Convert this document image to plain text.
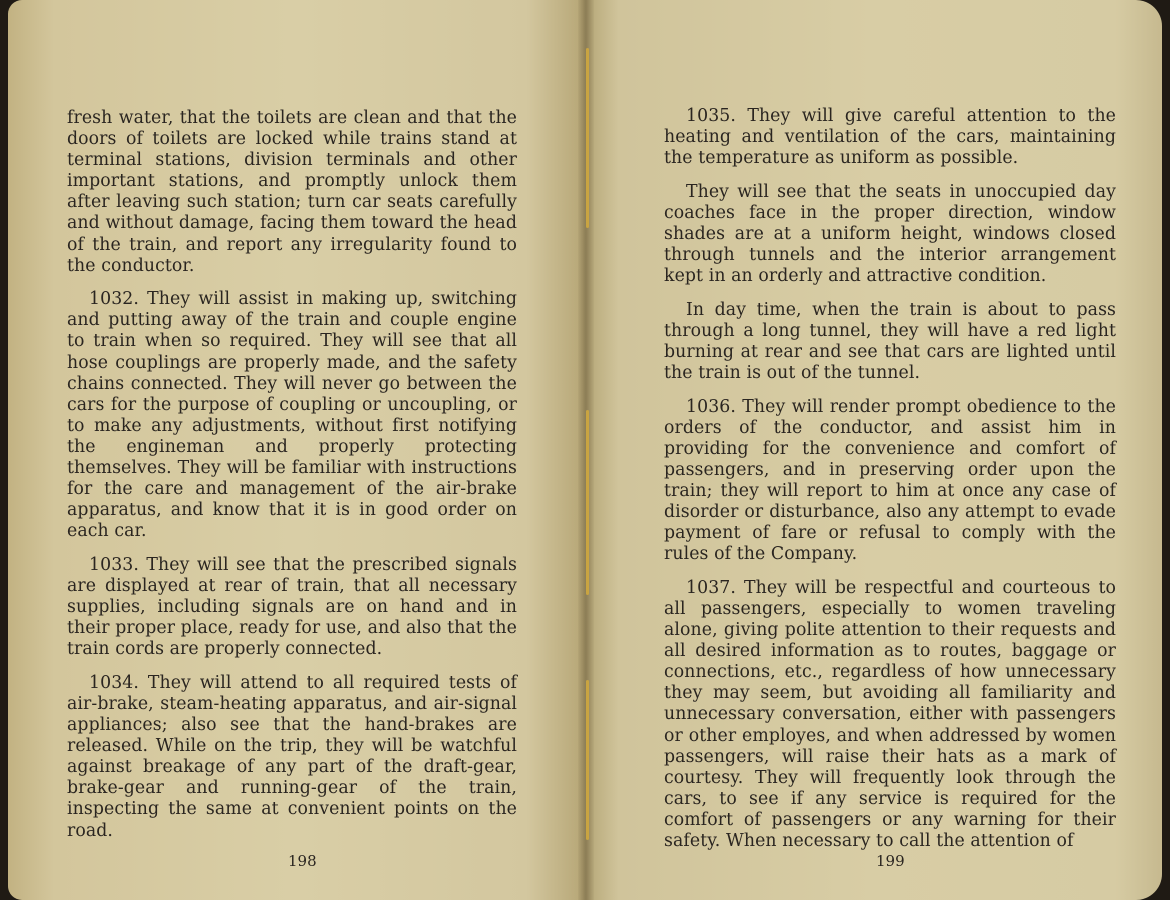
fresh water, that the toilets are clean and that the doors of toilets are locked while trains stand at terminal stations, division terminals and other important stations, and promptly unlock them after leaving such station; turn car seats carefully and without damage, facing them toward the head of the train, and report any irregularity found to the conductor.

1032. They will assist in making up, switching and putting away of the train and couple engine to train when so required. They will see that all hose couplings are properly made, and the safety chains connected. They will never go between the cars for the purpose of coupling or uncoupling, or to make any adjustments, without first notifying the engineman and properly protecting themselves. They will be familiar with instructions for the care and management of the air-brake apparatus, and know that it is in good order on each car.

1033. They will see that the prescribed signals are displayed at rear of train, that all necessary supplies, including signals are on hand and in their proper place, ready for use, and also that the train cords are properly connected.

1034. They will attend to all required tests of air-brake, steam-heating apparatus, and air-signal appliances; also see that the hand-brakes are released. While on the trip, they will be watchful against breakage of any part of the draft-gear, brake-gear and running-gear of the train, inspecting the same at convenient points on the road.

198

1035. They will give careful attention to the heating and ventilation of the cars, maintaining the temperature as uniform as possible.

They will see that the seats in unoccupied day coaches face in the proper direction, window shades are at a uniform height, windows closed through tunnels and the interior arrangement kept in an orderly and attractive condition.

In day time, when the train is about to pass through a long tunnel, they will have a red light burning at rear and see that cars are lighted until the train is out of the tunnel.

1036. They will render prompt obedience to the orders of the conductor, and assist him in providing for the convenience and comfort of passengers, and in preserving order upon the train; they will report to him at once any case of disorder or disturbance, also any attempt to evade payment of fare or refusal to comply with the rules of the Company.

1037. They will be respectful and courteous to all passengers, especially to women traveling alone, giving polite attention to their requests and all desired information as to routes, baggage or connections, etc., regardless of how unnecessary they may seem, but avoiding all familiarity and unnecessary conversation, either with passengers or other employes, and when addressed by women passengers, will raise their hats as a mark of courtesy. They will frequently look through the cars, to see if any service is required for the comfort of passengers or any warning for their safety. When necessary to call the attention of

199
